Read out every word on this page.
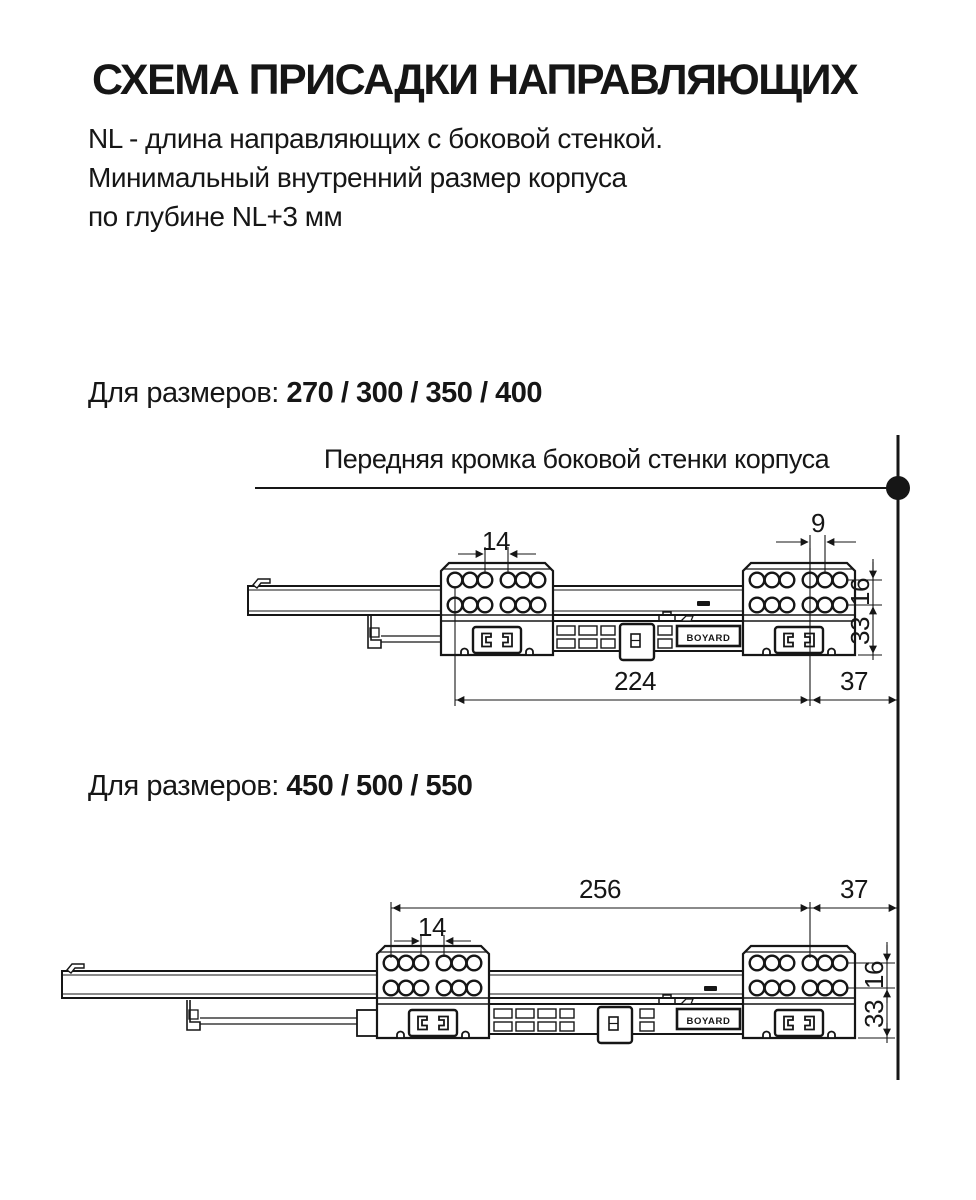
СХЕМА ПРИСАДКИ НАПРАВЛЯЮЩИХ
NL - длина направляющих с боковой стенкой.
Минимальный внутренний размер корпуса
по глубине NL+3 мм
Для размеров: 270 / 300 / 350 / 400
Для размеров: 450 / 500 / 550
Передняя кромка боковой стенки корпуса
BOYARD
14
9
224	37
16
33
BOYARD
256	37
14
16
33
